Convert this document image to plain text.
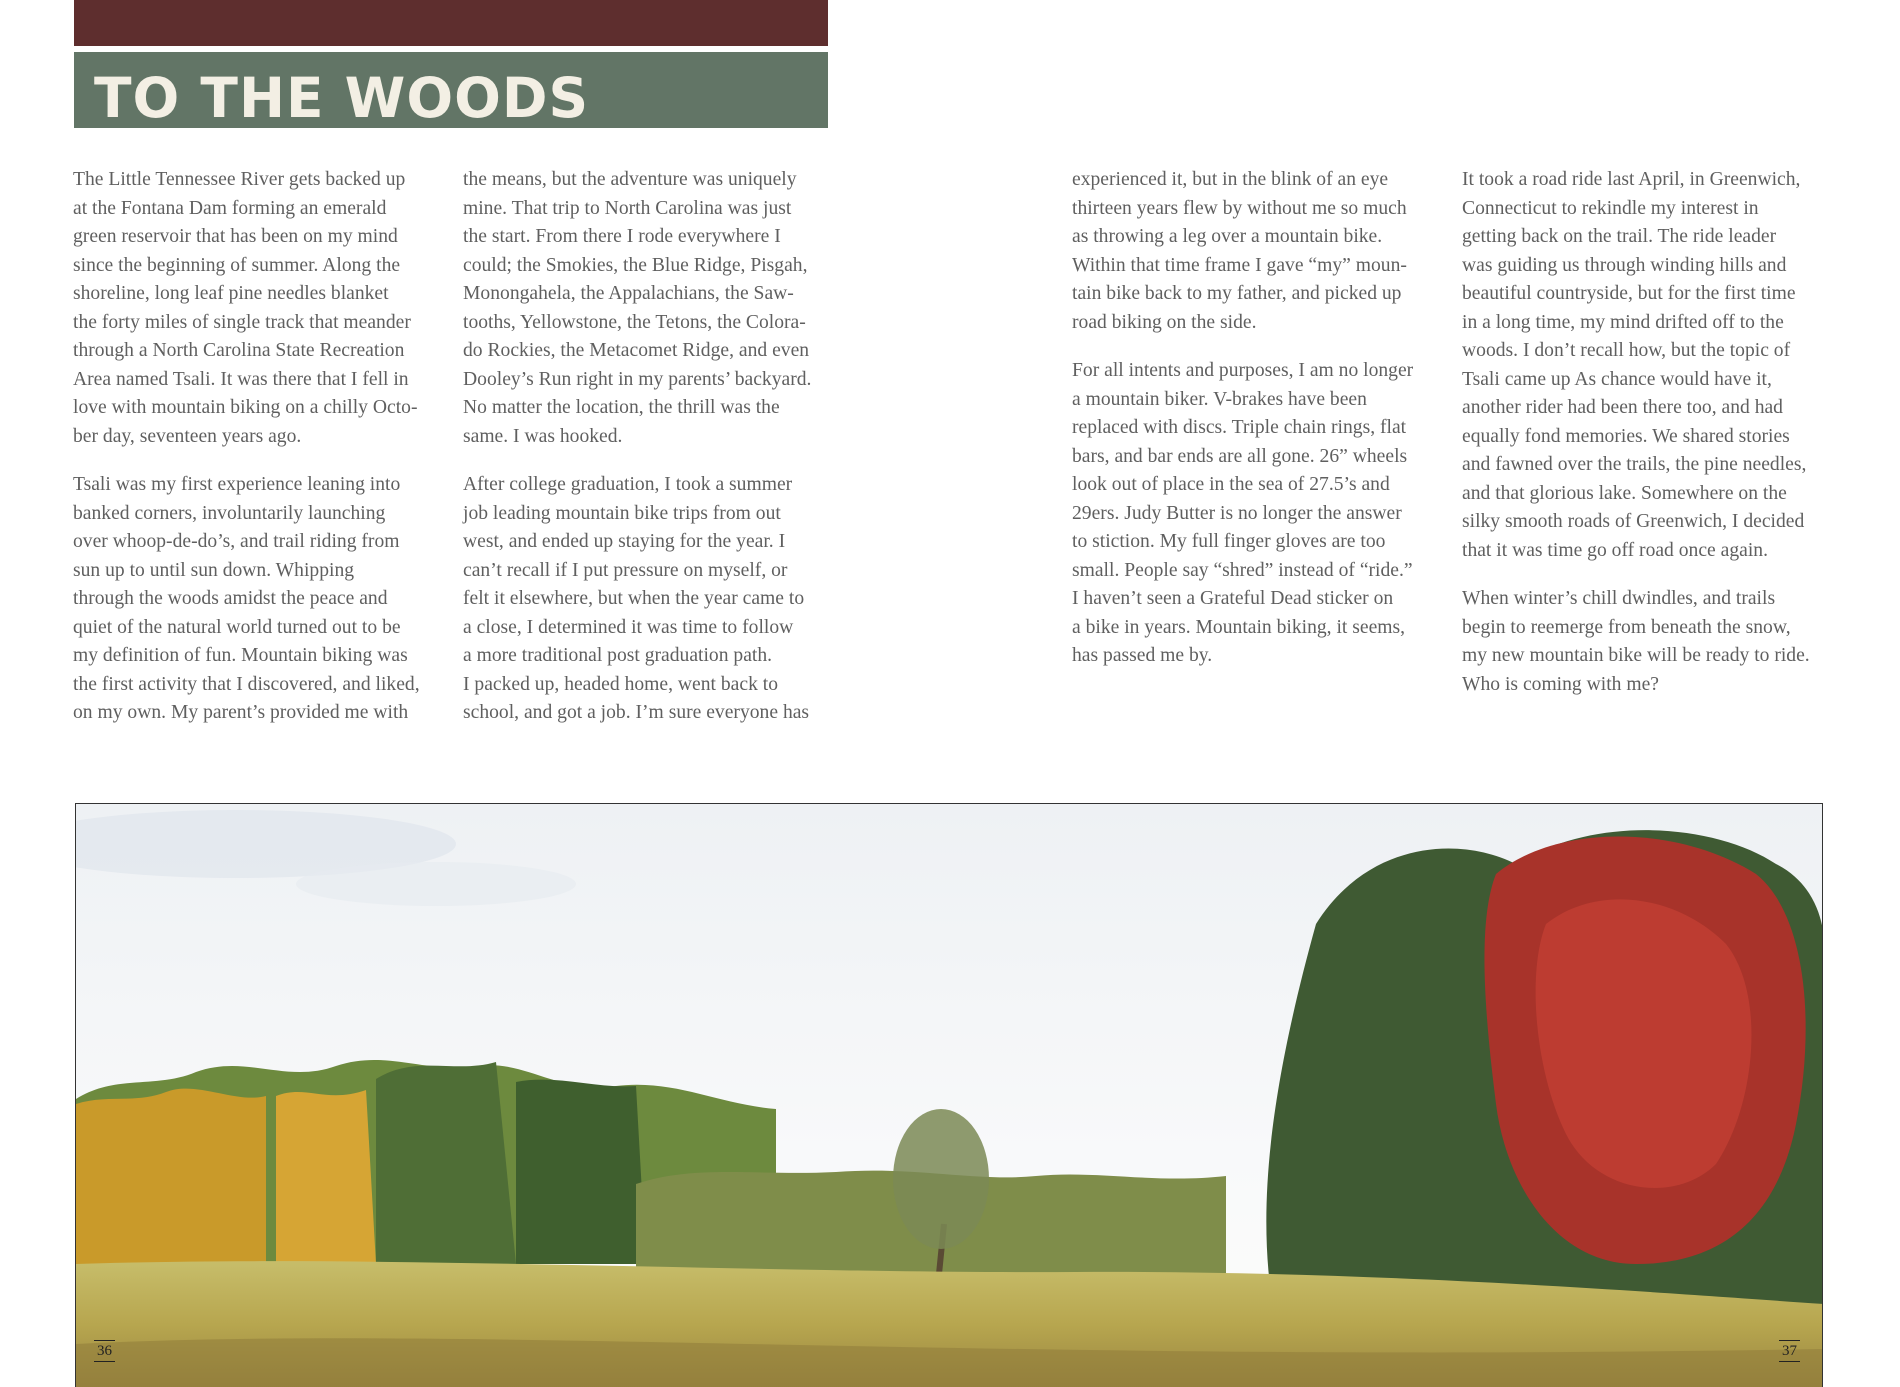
TO THE WOODS

The Little Tennessee River gets backed up
at the Fontana Dam forming an emerald
green reservoir that has been on my mind
since the beginning of summer. Along the
shoreline, long leaf pine needles blanket
the forty miles of single track that meander
through a North Carolina State Recreation
Area named Tsali. It was there that I fell in
love with mountain biking on a chilly Octo-
ber day, seventeen years ago.

Tsali was my first experience leaning into
banked corners, involuntarily launching
over whoop-de-do’s, and trail riding from
sun up to until sun down. Whipping
through the woods amidst the peace and
quiet of the natural world turned out to be
my definition of fun. Mountain biking was
the first activity that I discovered, and liked,
on my own. My parent’s provided me with

the means, but the adventure was uniquely
mine. That trip to North Carolina was just
the start. From there I rode everywhere I
could; the Smokies, the Blue Ridge, Pisgah,
Monongahela, the Appalachians, the Saw-
tooths, Yellowstone, the Tetons, the Colora-
do Rockies, the Metacomet Ridge, and even
Dooley’s Run right in my parents’ backyard.
No matter the location, the thrill was the
same. I was hooked.

After college graduation, I took a summer
job leading mountain bike trips from out
west, and ended up staying for the year. I
can’t recall if I put pressure on myself, or
felt it elsewhere, but when the year came to
a close, I determined it was time to follow
a more traditional post graduation path.
I packed up, headed home, went back to
school, and got a job. I’m sure everyone has

experienced it, but in the blink of an eye
thirteen years flew by without me so much
as throwing a leg over a mountain bike.
Within that time frame I gave “my” moun-
tain bike back to my father, and picked up
road biking on the side.

For all intents and purposes, I am no longer
a mountain biker. V-brakes have been
replaced with discs. Triple chain rings, flat
bars, and bar ends are all gone. 26” wheels
look out of place in the sea of 27.5’s and
29ers. Judy Butter is no longer the answer
to stiction. My full finger gloves are too
small. People say “shred” instead of “ride.”
I haven’t seen a Grateful Dead sticker on
a bike in years. Mountain biking, it seems,
has passed me by.

It took a road ride last April, in Greenwich,
Connecticut to rekindle my interest in
getting back on the trail. The ride leader
was guiding us through winding hills and
beautiful countryside, but for the first time
in a long time, my mind drifted off to the
woods. I don’t recall how, but the topic of
Tsali came up As chance would have it,
another rider had been there too, and had
equally fond memories. We shared stories
and fawned over the trails, the pine needles,
and that glorious lake. Somewhere on the
silky smooth roads of Greenwich, I decided
that it was time go off road once again.

When winter’s chill dwindles, and trails
begin to reemerge from beneath the snow,
my new mountain bike will be ready to ride.
Who is coming with me?

36	37
